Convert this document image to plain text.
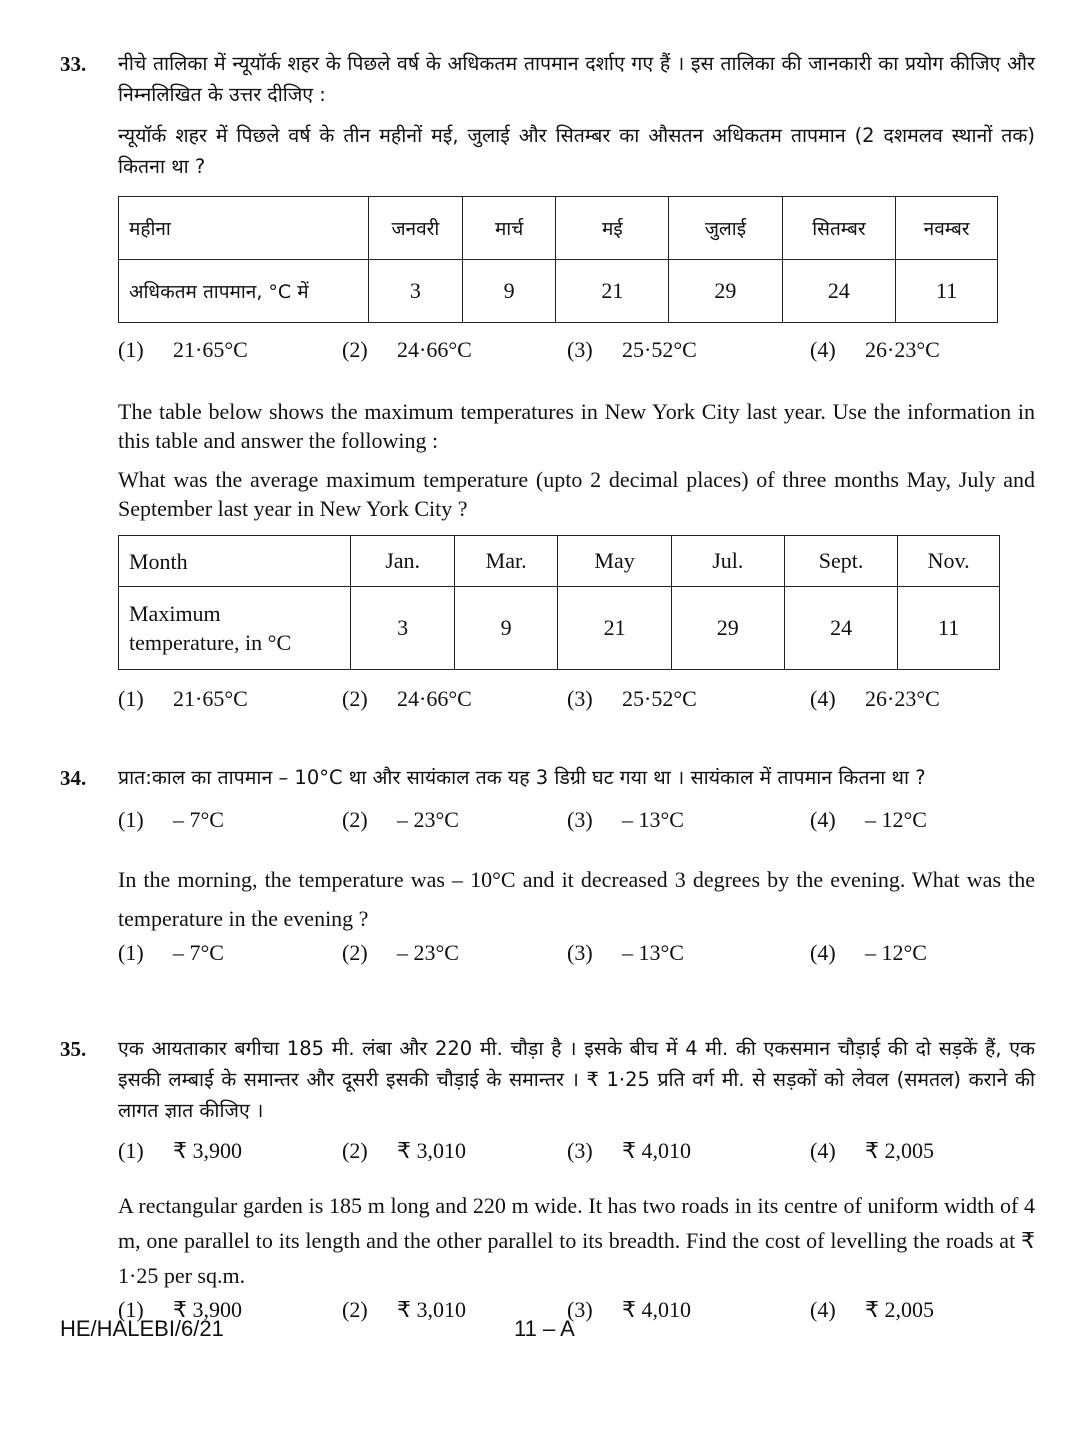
33. नीचे तालिका में न्यूयॉर्क शहर के पिछले वर्ष के अधिकतम तापमान दर्शाए गए हैं । इस तालिका की जानकारी का प्रयोग कीजिए और निम्नलिखित के उत्तर दीजिए :

न्यूयॉर्क शहर में पिछले वर्ष के तीन महीनों मई, जुलाई और सितम्बर का औसतन अधिकतम तापमान (2 दशमलव स्थानों तक) कितना था ?

महीना	जनवरी	मार्च	मई	जुलाई	सितम्बर	नवम्बर
अधिकतम तापमान, °C में	3	9	21	29	24	11
(1) 21·65°C	(2) 24·66°C	(3) 25·52°C	(4) 26·23°C

The table below shows the maximum temperatures in New York City last year. Use the information in this table and answer the following :

What was the average maximum temperature (upto 2 decimal places) of three months May, July and September last year in New York City ?

Month	Jan.	Mar.	May	Jul.	Sept.	Nov.
Maximum
temperature, in °C	3	9	21	29	24	11
(1) 21·65°C	(2) 24·66°C	(3) 25·52°C	(4) 26·23°C
34. प्रात:काल का तापमान – 10°C था और सायंकाल तक यह 3 डिग्री घट गया था । सायंकाल में तापमान कितना था ?

(1) – 7°C	(2) – 23°C	(3) – 13°C	(4) – 12°C

In the morning, the temperature was – 10°C and it decreased 3 degrees by the evening. What was the temperature in the evening ?

(1) – 7°C	(2) – 23°C	(3) – 13°C	(4) – 12°C
35. एक आयताकार बगीचा 185 मी. लंबा और 220 मी. चौड़ा है । इसके बीच में 4 मी. की एकसमान चौड़ाई की दो सड़कें हैं, एक इसकी लम्बाई के समान्तर और दूसरी इसकी चौड़ाई के समान्तर । ₹ 1·25 प्रति वर्ग मी. से सड़कों को लेवल (समतल) कराने की लागत ज्ञात कीजिए ।

(1) ₹ 3,900	(2) ₹ 3,010	(3) ₹ 4,010	(4) ₹ 2,005

A rectangular garden is 185 m long and 220 m wide. It has two roads in its centre of uniform width of 4 m, one parallel to its length and the other parallel to its breadth. Find the cost of levelling the roads at ₹ 1·25 per sq.m.

(1) ₹ 3,900	(2) ₹ 3,010	(3) ₹ 4,010	(4) ₹ 2,005
HE/HALEBI/6/21	11 – A
